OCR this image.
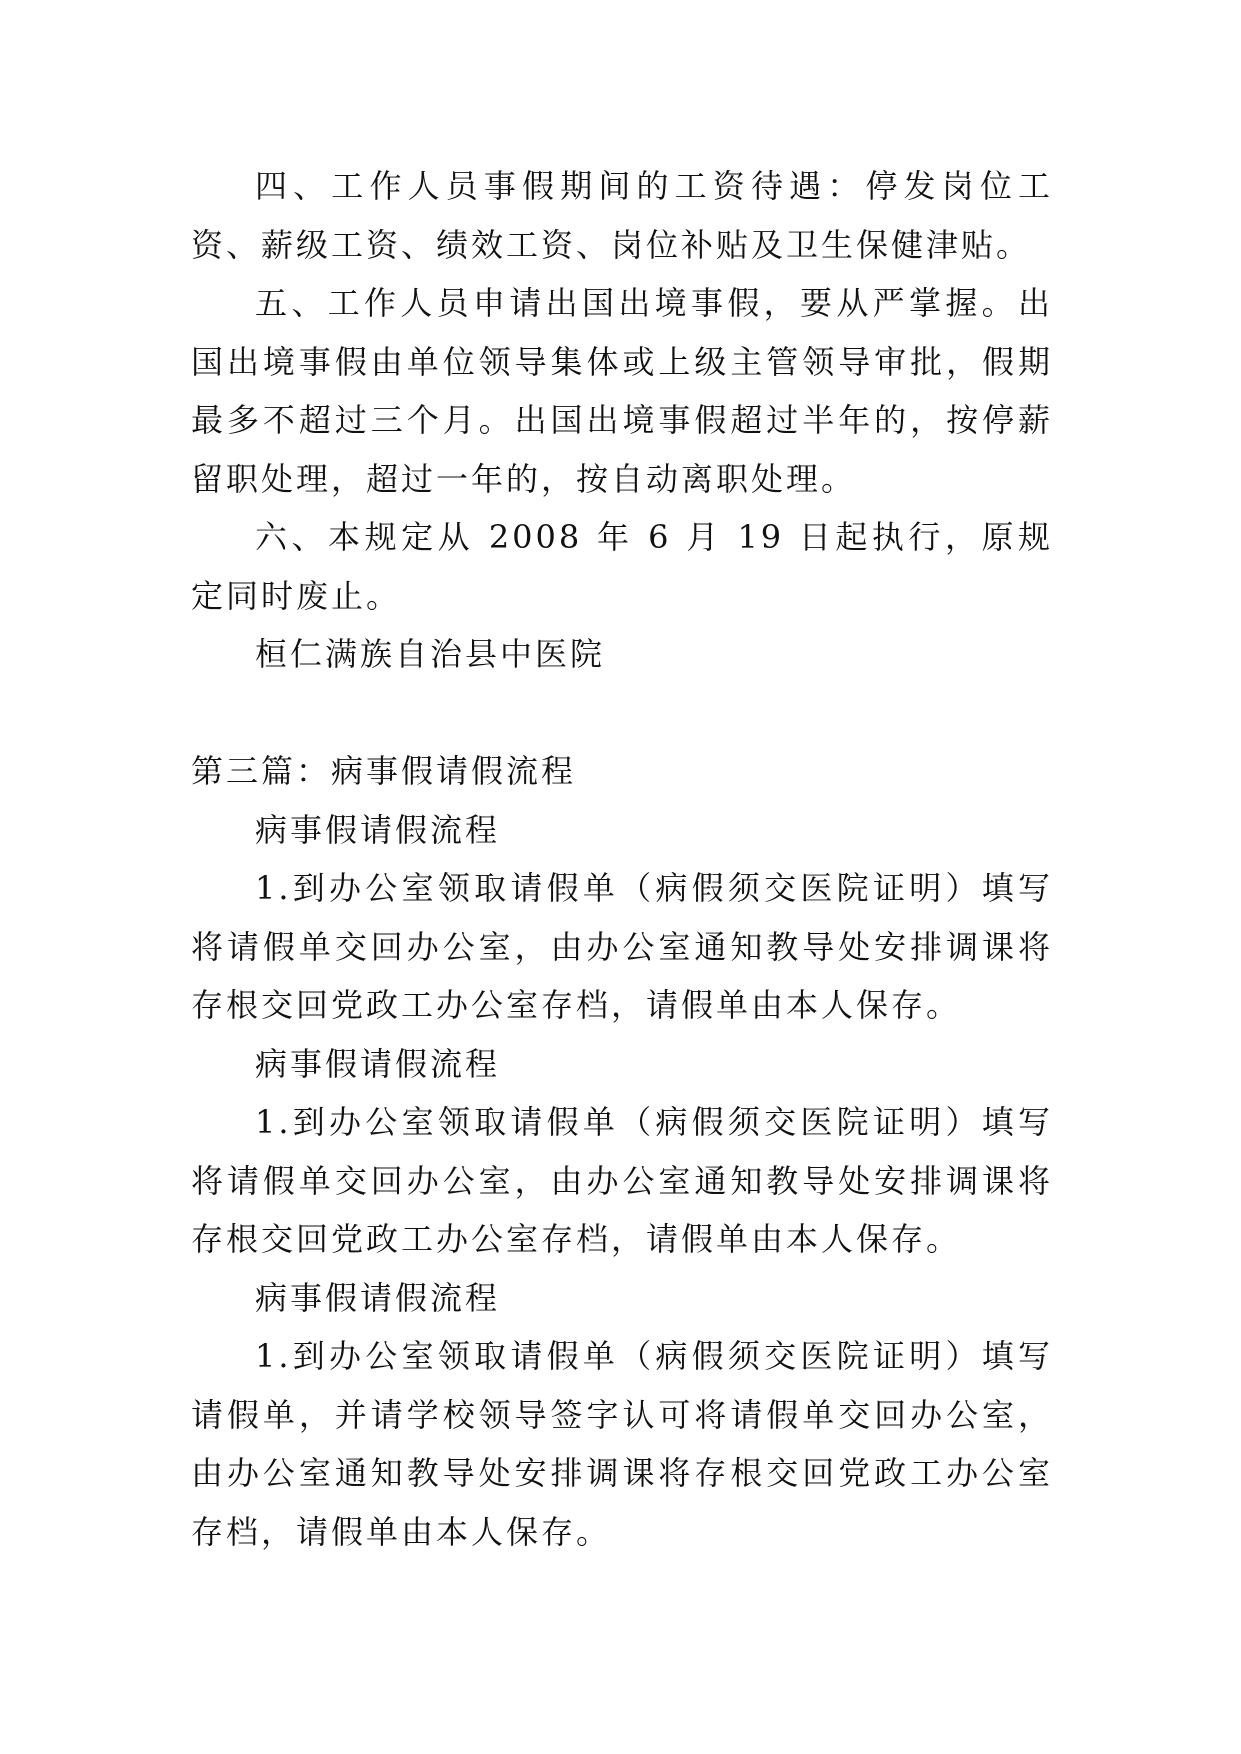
四、工作人员事假期间的工资待遇：停发岗位工资、薪级工资、绩效工资、岗位补贴及卫生保健津贴。

五、工作人员申请出国出境事假，要从严掌握。出国出境事假由单位领导集体或上级主管领导审批，假期最多不超过三个月。出国出境事假超过半年的，按停薪留职处理，超过一年的，按自动离职处理。

六、本规定从 2008 年 6 月 19 日起执行，原规定同时废止。

桓仁满族自治县中医院

第三篇：病事假请假流程

病事假请假流程

1.到办公室领取请假单（病假须交医院证明）填写将请假单交回办公室，由办公室通知教导处安排调课将存根交回党政工办公室存档，请假单由本人保存。

病事假请假流程

1.到办公室领取请假单（病假须交医院证明）填写将请假单交回办公室，由办公室通知教导处安排调课将存根交回党政工办公室存档，请假单由本人保存。

病事假请假流程

1.到办公室领取请假单（病假须交医院证明）填写请假单，并请学校领导签字认可将请假单交回办公室，由办公室通知教导处安排调课将存根交回党政工办公室存档，请假单由本人保存。
